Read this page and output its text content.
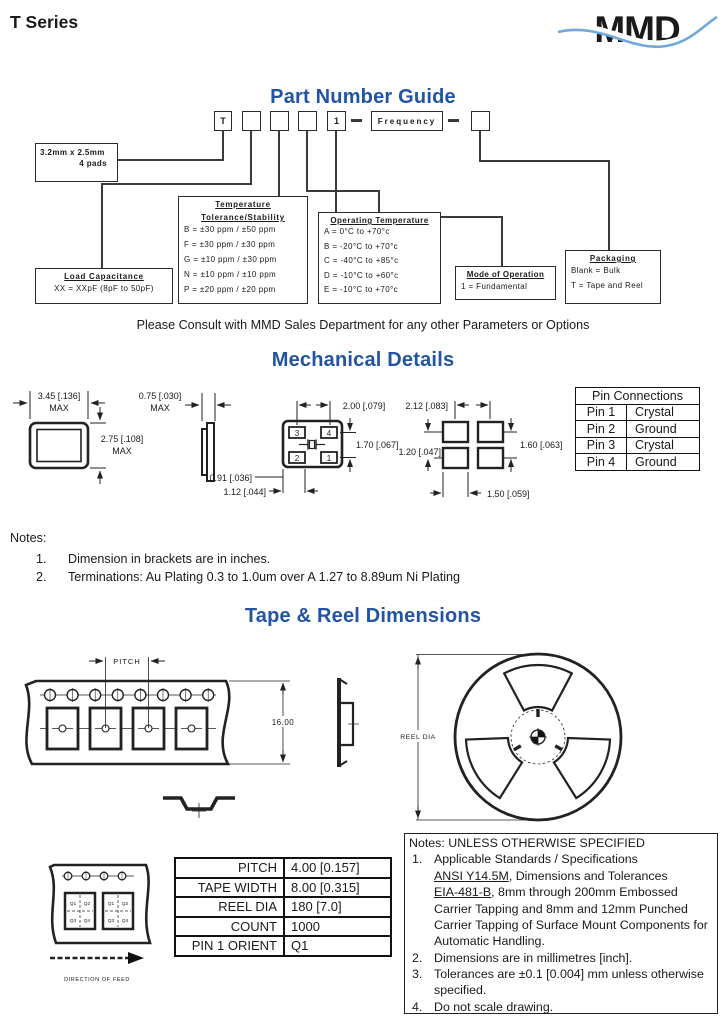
T Series	MMD
Part Number Guide
T	1	Frequency
3.2mm x 2.5mm
4 pads
Load Capacitance
XX = XXpF (8pF to 50pF)
Temperature
Tolerance/Stability
B = ±30 ppm / ±50 ppm
F = ±30 ppm / ±30 ppm
G = ±10 ppm / ±30 ppm
N = ±10 ppm / ±10 ppm
P = ±20 ppm / ±20 ppm
Operating Temperature
A = 0°C to +70°c
B = -20°C to +70°c
C = -40°C to +85°c
D = -10°C to +60°c
E = -10°C to +70°c
Mode of Operation
1 = Fundamental
Packaging
Blank = Bulk
T = Tape and Reel
Please Consult with MMD Sales Department for any other Parameters or Options
Mechanical Details
3.45 [.136]
MAX
2.75 [.108]
MAX
0.75 [.030]
MAX
3	4
2	1
2.00 [.079]
1.70 [.067]
0.91 [.036]
1.12 [.044]
2.12 [.083]
1.60 [.063]
1.20 [.047]
1.50 [.059]
Pin Connections	
Pin 1	Crystal
Pin 2	Ground
Pin 3	Crystal
Pin 4	Ground
Notes:
1.	Dimension in brackets are in inches.
2.	Terminations: Au Plating 0.3 to 1.0um over A 1.27 to 8.89um Ni Plating
Tape & Reel Dimensions
16.00
PITCH
REEL DIA
Q1 Q2
Q3 Q4
Q1 Q2
Q3 Q4
DIRECTION OF FEED
PITCH	4.00 [0.157]
TAPE WIDTH	8.00 [0.315]
REEL DIA	180 [7.0]
COUNT	1000
PIN 1 ORIENT	Q1
Notes: UNLESS OTHERWISE SPECIFIED
1. Applicable Standards / Specifications
ANSI Y14.5M, Dimensions and Tolerances
EIA-481-B, 8mm through 200mm Embossed Carrier Tapping and 8mm and 12mm Punched Carrier Tapping of Surface Mount Components for Automatic Handling.
2. Dimensions are in millimetres [inch].
3. Tolerances are ±0.1 [0.004] mm unless otherwise specified.
4. Do not scale drawing.
